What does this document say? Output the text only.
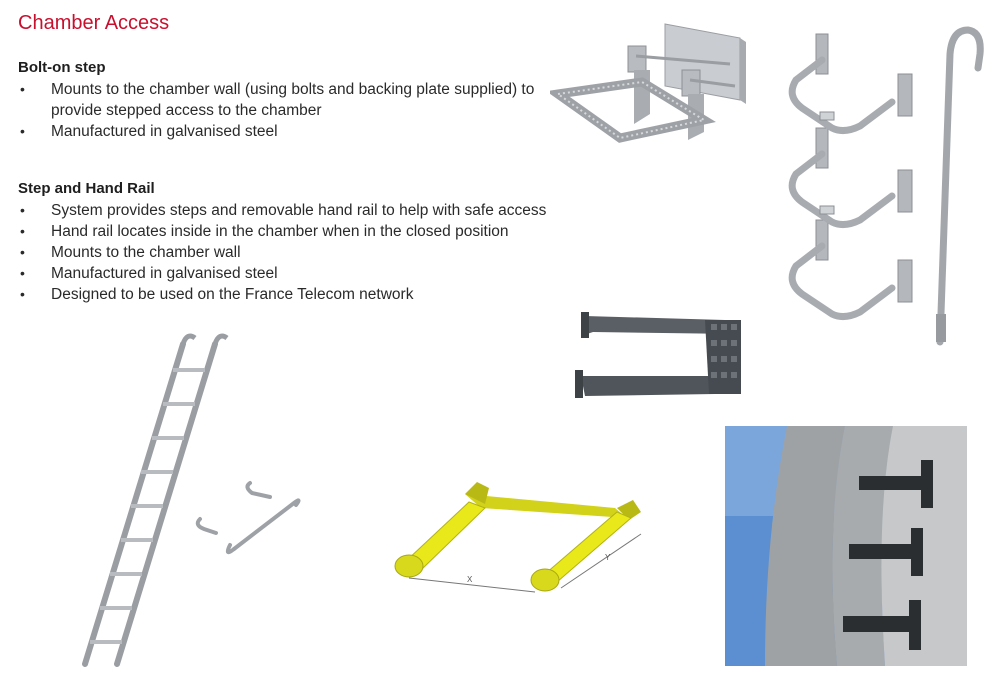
Chamber Access
Bolt-on step
• Mounts to the chamber wall (using bolts and backing plate supplied) to provide stepped access to the chamber
• Manufactured in galvanised steel
Step and Hand Rail
• System provides steps and removable hand rail to help with safe access
• Hand rail locates inside in the chamber when in the closed position
• Mounts to the chamber wall
• Manufactured in galvanised steel
• Designed to be used on the France Telecom network
X
Y
